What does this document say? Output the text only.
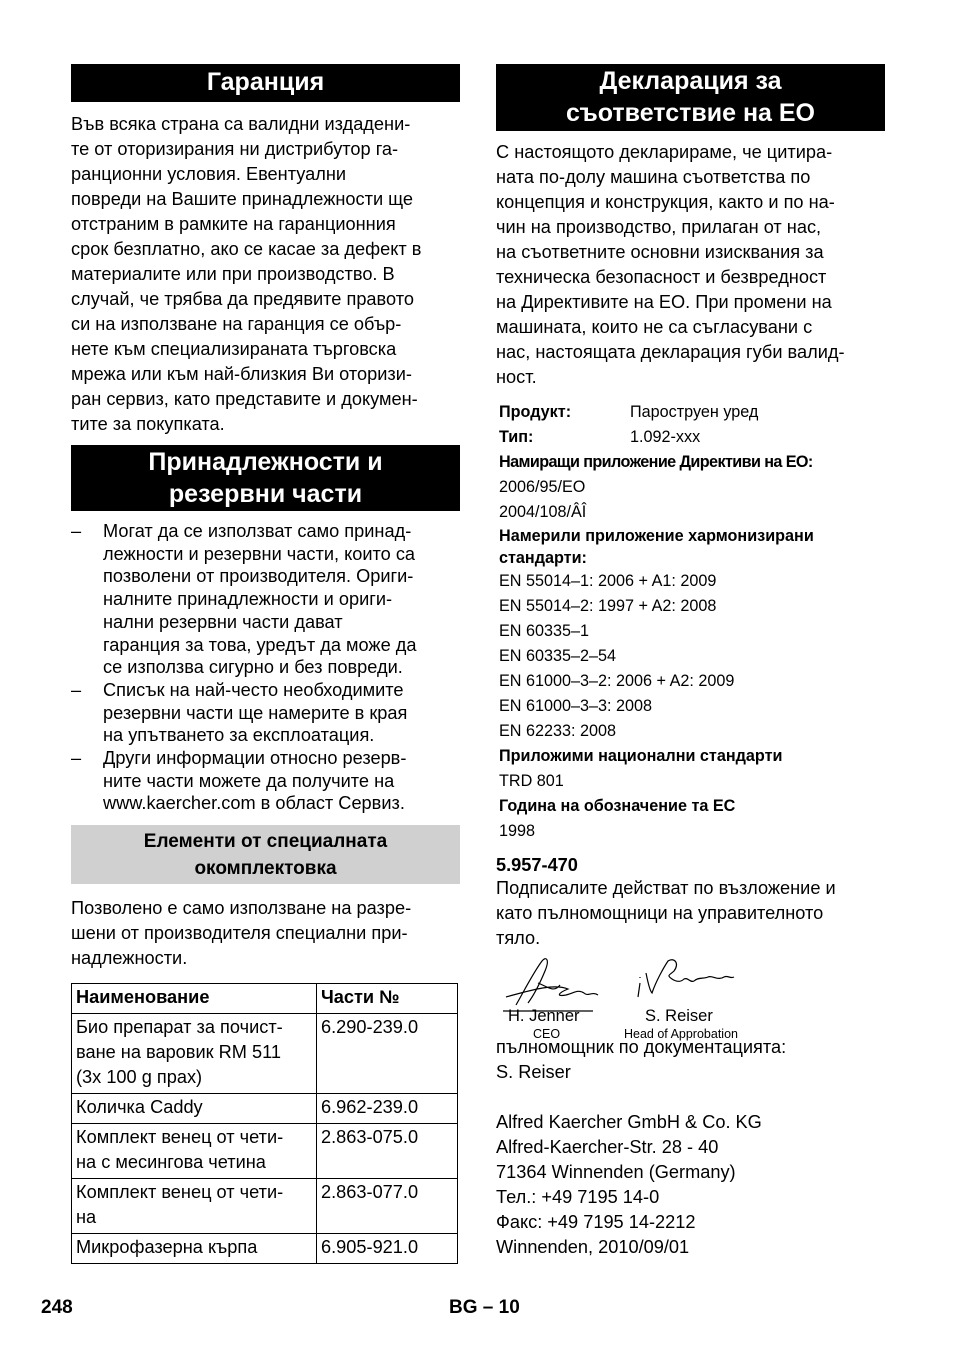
Гаранция
Във всяка страна са валидни издадени-
те от оторизирания ни дистрибутор га-
ранционни условия. Евентуални
повреди на Вашите принадлежности ще
отстраним в рамките на гаранционния
срок безплатно, ако се касае за дефект в
материалите или при производство. В
случай, че трябва да предявите правото
си на използване на гаранция се обър-
нете към специализираната търговска
мрежа или към най-близкия Ви оторизи-
ран сервиз, като представите и докумен-
тите за покупката.
Принадлежности и
резервни части
– Могат да се използват само принад-
лежности и резервни части, които са
позволени от производителя. Ориги-
налните принадлежности и ориги-
нални резервни части дават
гаранция за това, уредът да може да
се използва сигурно и без повреди.
– Списък на най-често необходимите
резервни части ще намерите в края
на упътването за експлоатация.
– Други информации относно резерв-
ните части можете да получите на
www.kaercher.com в област Сервиз.
Елементи от специалната
окомплектовка
Позволено е само използване на разре-
шени от производителя специални при-
надлежности.
Наименование	Части №

Био препарат за почист-
ване на варовик RM 511
(3x 100 g прах)	6.290-239.0

Количка Caddy	6.962-239.0

Комплект венец от чети-
на с месингова четина	2.863-075.0

Комплект венец от чети-
на	2.863-077.0

Микрофазерна кърпа	6.905-921.0
Декларация за
съответствие на ЕО
С настоящото декларираме, че цитира-
ната по-долу машина съответства по
концепция и конструкция, както и по на-
чин на производство, прилаган от нас,
на съответните основни изисквания за
техническа безопасност и безвредност
на Директивите на ЕО. При промени на
машината, които не са съгласувани с
нас, настоящата декларация губи валид-
ност.
Продукт:	Пароструен уред
Тип:	1.092-xxx
Намиращи приложение Директиви на ЕО:
2006/95/EO
2004/108/ÂÎ
Намерили приложение хармонизирани
стандарти:
EN 55014–1: 2006 + A1: 2009
EN 55014–2: 1997 + A2: 2008
EN 60335–1
EN 60335–2–54
EN 61000–3–2: 2006 + A2: 2009
EN 61000–3–3: 2008
EN 62233: 2008
Приложими национални стандарти
TRD 801
Година на обозначение та ЕС
1998
5.957-470
Подписалите действат по възложение и
като пълномощници на управителното
тяло.
H. Jenner
CEO
S. Reiser
Head of Approbation
пълномощник по документацията:
S. Reiser
Alfred Kaercher GmbH & Co. KG
Alfred-Kaercher-Str. 28 - 40
71364 Winnenden (Germany)
Тел.: +49 7195 14-0
Факс: +49 7195 14-2212
Winnenden, 2010/09/01
248	BG – 10
